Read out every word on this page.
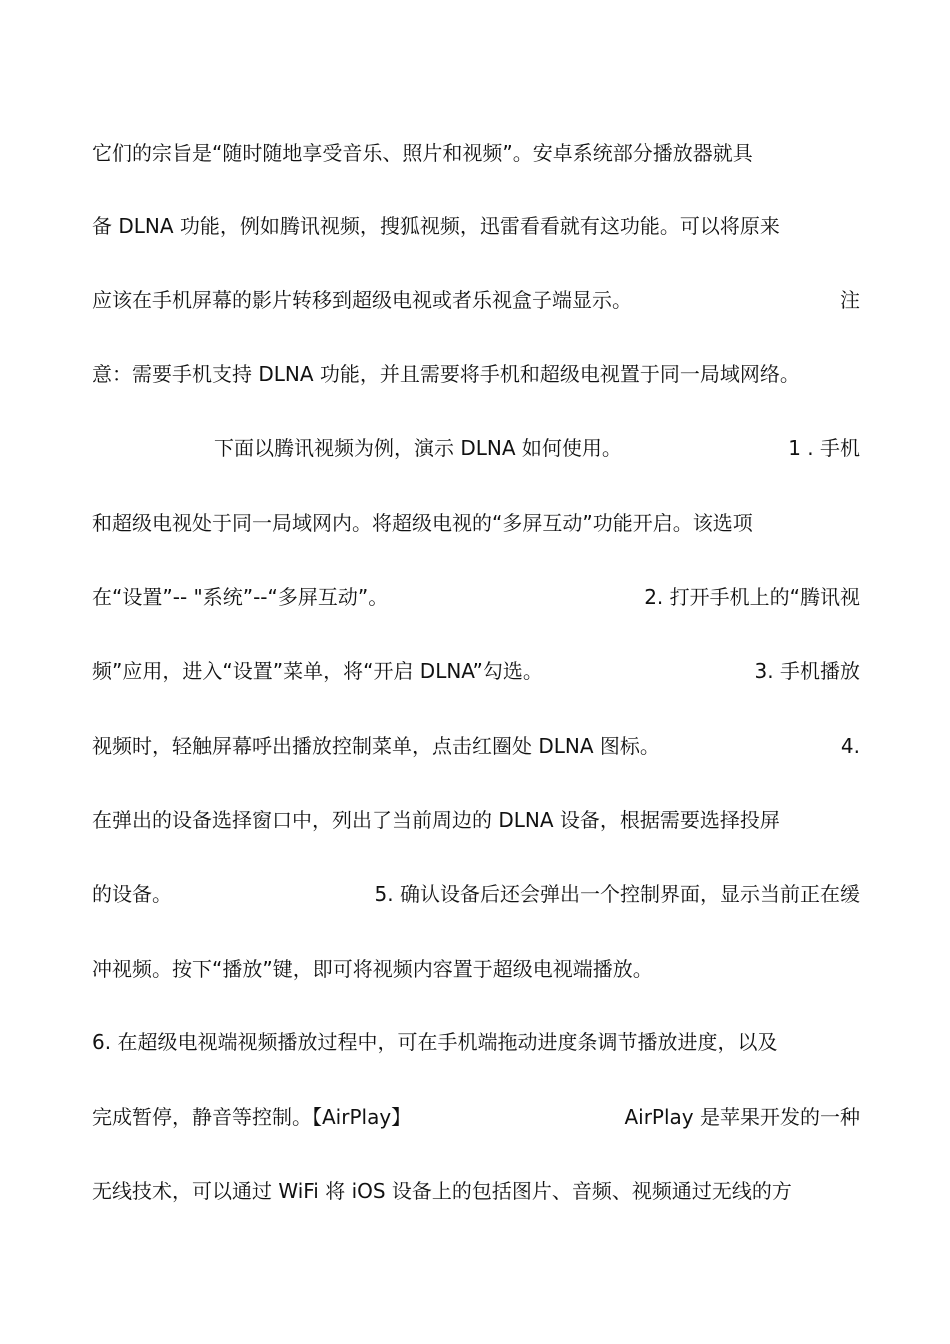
它们的宗旨是“随时随地享受音乐、照片和视频”。安卓系统部分播放器就具
备 DLNA 功能，例如腾讯视频，搜狐视频，迅雷看看就有这功能。可以将原来
应该在手机屏幕的影片转移到超级电视或者乐视盒子端显示。	注
意：需要手机支持 DLNA 功能，并且需要将手机和超级电视置于同一局域网络。
下面以腾讯视频为例，演示 DLNA 如何使用。	1 . 手机
和超级电视处于同一局域网内。将超级电视的“多屏互动”功能开启。该选项
在“设置”-- "系统”--“多屏互动”。	2. 打开手机上的“腾讯视
频”应用，进入“设置”菜单，将“开启 DLNA”勾选。	3. 手机播放
视频时，轻触屏幕呼出播放控制菜单，点击红圈处 DLNA 图标。	4.
在弹出的设备选择窗口中，列出了当前周边的 DLNA 设备，根据需要选择投屏
的设备。	5. 确认设备后还会弹出一个控制界面，显示当前正在缓
冲视频。按下“播放”键，即可将视频内容置于超级电视端播放。
6. 在超级电视端视频播放过程中，可在手机端拖动进度条调节播放进度，以及
完成暂停，静音等控制。【AirPlay】	AirPlay 是苹果开发的一种
无线技术，可以通过 WiFi 将 iOS 设备上的包括图片、音频、视频通过无线的方
